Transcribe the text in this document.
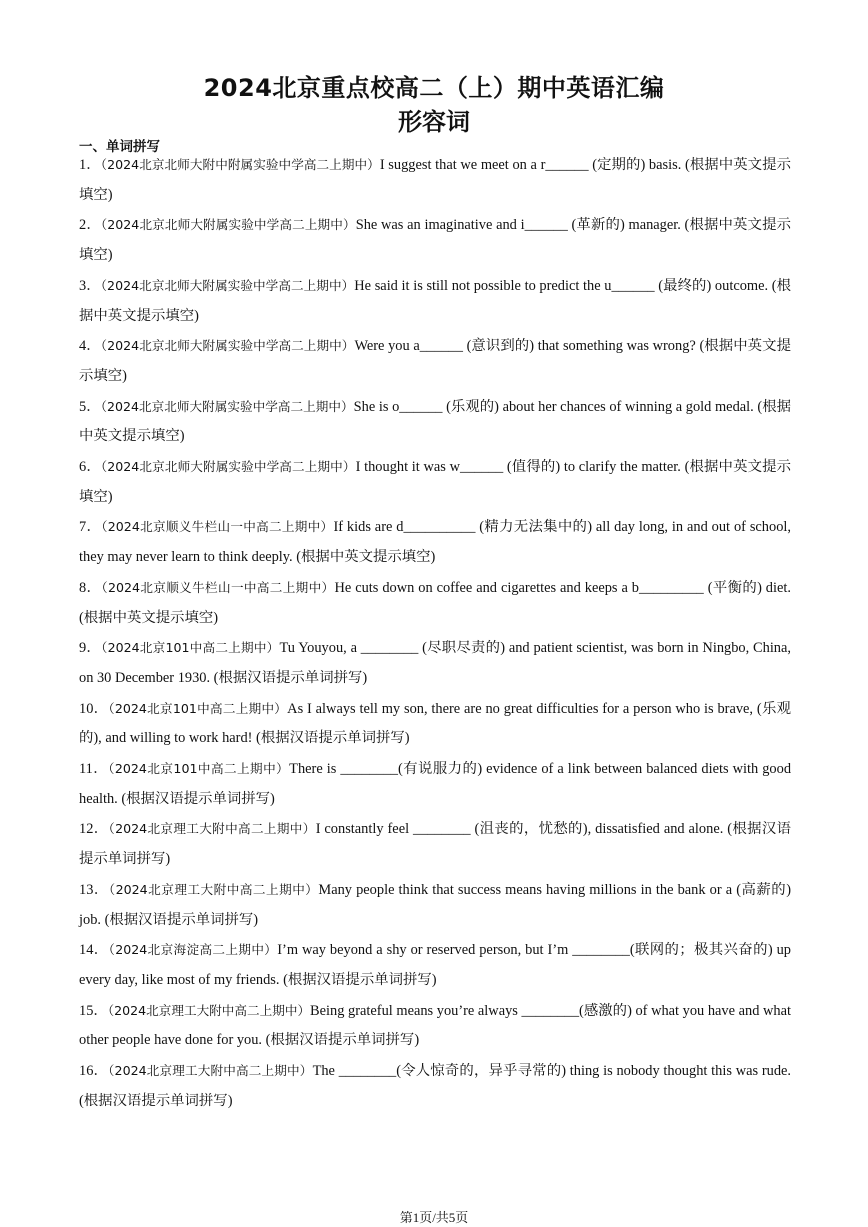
2024北京重点校高二（上）期中英语汇编
形容词
一、单词拼写

1．（2024北京北师大附中附属实验中学高二上期中）I suggest that we meet on a r______ (定期的) basis. (根据中英文提示填空)

2．（2024北京北师大附属实验中学高二上期中）She was an imaginative and i______ (革新的) manager. (根据中英文提示填空)

3．（2024北京北师大附属实验中学高二上期中）He said it is still not possible to predict the u______ (最终的) outcome. (根据中英文提示填空)

4．（2024北京北师大附属实验中学高二上期中）Were you a______ (意识到的) that something was wrong? (根据中英文提示填空)

5．（2024北京北师大附属实验中学高二上期中）She is o______ (乐观的) about her chances of winning a gold medal. (根据中英文提示填空)

6．（2024北京北师大附属实验中学高二上期中）I thought it was w______ (值得的) to clarify the matter. (根据中英文提示填空)

7．（2024北京顺义牛栏山一中高二上期中）If kids are d__________ (精力无法集中的) all day long, in and out of school, they may never learn to think deeply. (根据中英文提示填空)

8．（2024北京顺义牛栏山一中高二上期中）He cuts down on coffee and cigarettes and keeps a b_________ (平衡的) diet. (根据中英文提示填空)

9．（2024北京101中高二上期中）Tu Youyou, a ________ (尽职尽责的) and patient scientist, was born in Ningbo, China, on 30 December 1930. (根据汉语提示单词拼写)

10．（2024北京101中高二上期中）As I always tell my son, there are no great difficulties for a person who is brave, (乐观的), and willing to work hard! (根据汉语提示单词拼写)

11．（2024北京101中高二上期中）There is ________(有说服力的) evidence of a link between balanced diets with good health. (根据汉语提示单词拼写)

12．（2024北京理工大附中高二上期中）I constantly feel ________ (沮丧的，忧愁的), dissatisfied and alone. (根据汉语提示单词拼写)

13．（2024北京理工大附中高二上期中）Many people think that success means having millions in the bank or a (高薪的) job. (根据汉语提示单词拼写)

14．（2024北京海淀高二上期中）I’m way beyond a shy or reserved person, but I’m ________(联网的；极其兴奋的) up every day, like most of my friends. (根据汉语提示单词拼写)

15．（2024北京理工大附中高二上期中）Being grateful means you’re always ________(感激的) of what you have and what other people have done for you. (根据汉语提示单词拼写)

16．（2024北京理工大附中高二上期中）The ________(令人惊奇的，异乎寻常的) thing is nobody thought this was rude. (根据汉语提示单词拼写)

第1页/共5页
